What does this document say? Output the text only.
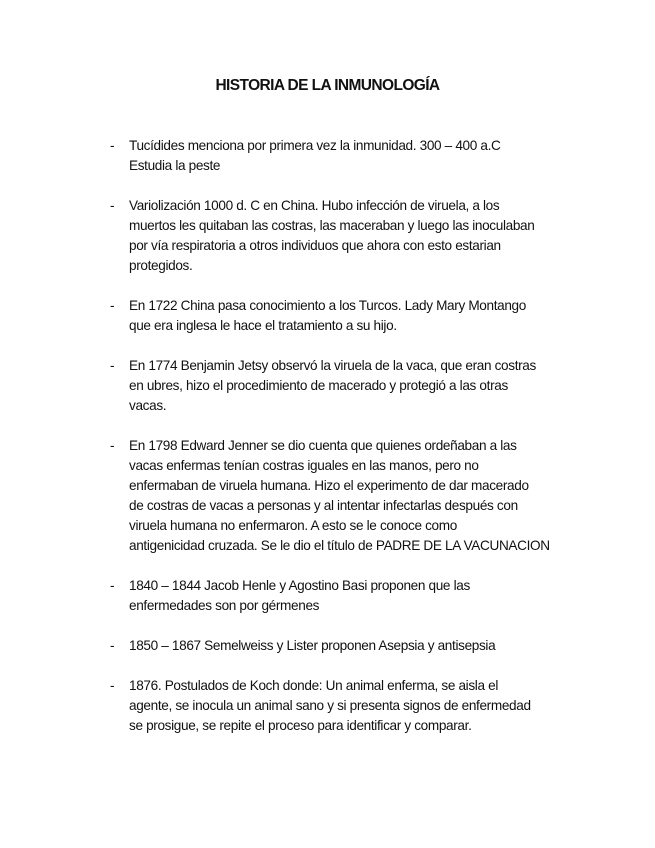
HISTORIA DE LA INMUNOLOGÍA
- Tucídides menciona por primera vez la inmunidad. 300 – 400 a.C
Estudia la peste
- Variolización 1000 d. C en China. Hubo infección de viruela, a los
muertos les quitaban las costras, las maceraban y luego las inoculaban
por vía respiratoria a otros individuos que ahora con esto estarian
protegidos.
- En 1722 China pasa conocimiento a los Turcos. Lady Mary Montango
que era inglesa le hace el tratamiento a su hijo.
- En 1774 Benjamin Jetsy observó la viruela de la vaca, que eran costras
en ubres, hizo el procedimiento de macerado y protegió a las otras
vacas.
- En 1798 Edward Jenner se dio cuenta que quienes ordeñaban a las
vacas enfermas tenían costras iguales en las manos, pero no
enfermaban de viruela humana. Hizo el experimento de dar macerado
de costras de vacas a personas y al intentar infectarlas después con
viruela humana no enfermaron. A esto se le conoce como
antigenicidad cruzada. Se le dio el título de PADRE DE LA VACUNACION
- 1840 – 1844 Jacob Henle y Agostino Basi proponen que las
enfermedades son por gérmenes
- 1850 – 1867 Semelweiss y Lister proponen Asepsia y antisepsia
- 1876. Postulados de Koch donde: Un animal enferma, se aisla el
agente, se inocula un animal sano y si presenta signos de enfermedad
se prosigue, se repite el proceso para identificar y comparar.
